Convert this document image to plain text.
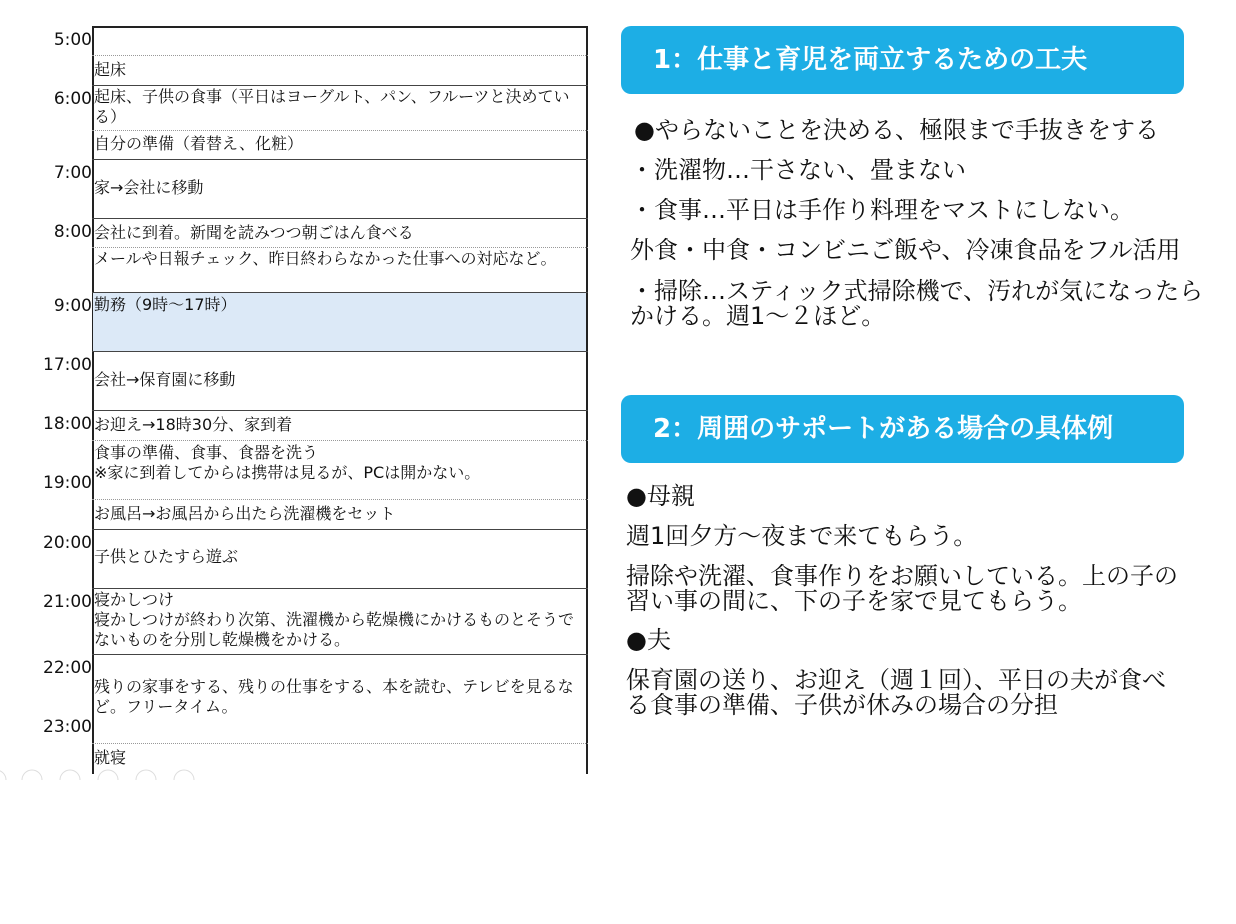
5:00
6:00
7:00
8:00
9:00
17:00
18:00
19:00
20:00
21:00
22:00
23:00
起床
起床、子供の食事（平日はヨーグルト、パン、フルーツと決めている）
自分の準備（着替え、化粧）
家→会社に移動
会社に到着。新聞を読みつつ朝ごはん食べる
メールや日報チェック、昨日終わらなかった仕事への対応など。
勤務（9時～17時）
会社→保育園に移動
お迎え→18時30分、家到着
食事の準備、食事、食器を洗う
※家に到着してからは携帯は見るが、PCは開かない。
お風呂→お風呂から出たら洗濯機をセット
子供とひたすら遊ぶ
寝かしつけ
寝かしつけが終わり次第、洗濯機から乾燥機にかけるものとそうでないものを分別し乾燥機をかける。
残りの家事をする、残りの仕事をする、本を読む、テレビを見るなど。フリータイム。
就寝
1：仕事と育児を両立するための工夫
●やらないことを決める、極限まで手抜きをする
・洗濯物…干さない、畳まない
・食事…平日は手作り料理をマストにしない。
外食・中食・コンビニご飯や、冷凍食品をフル活用
・掃除…スティック式掃除機で、汚れが気になったらかける。週1～２ほど。
2：周囲のサポートがある場合の具体例
●母親
週1回夕方～夜まで来てもらう。
掃除や洗濯、食事作りをお願いしている。上の子の習い事の間に、下の子を家で見てもらう。
●夫
保育園の送り、お迎え（週１回）、平日の夫が食べる食事の準備、子供が休みの場合の分担
